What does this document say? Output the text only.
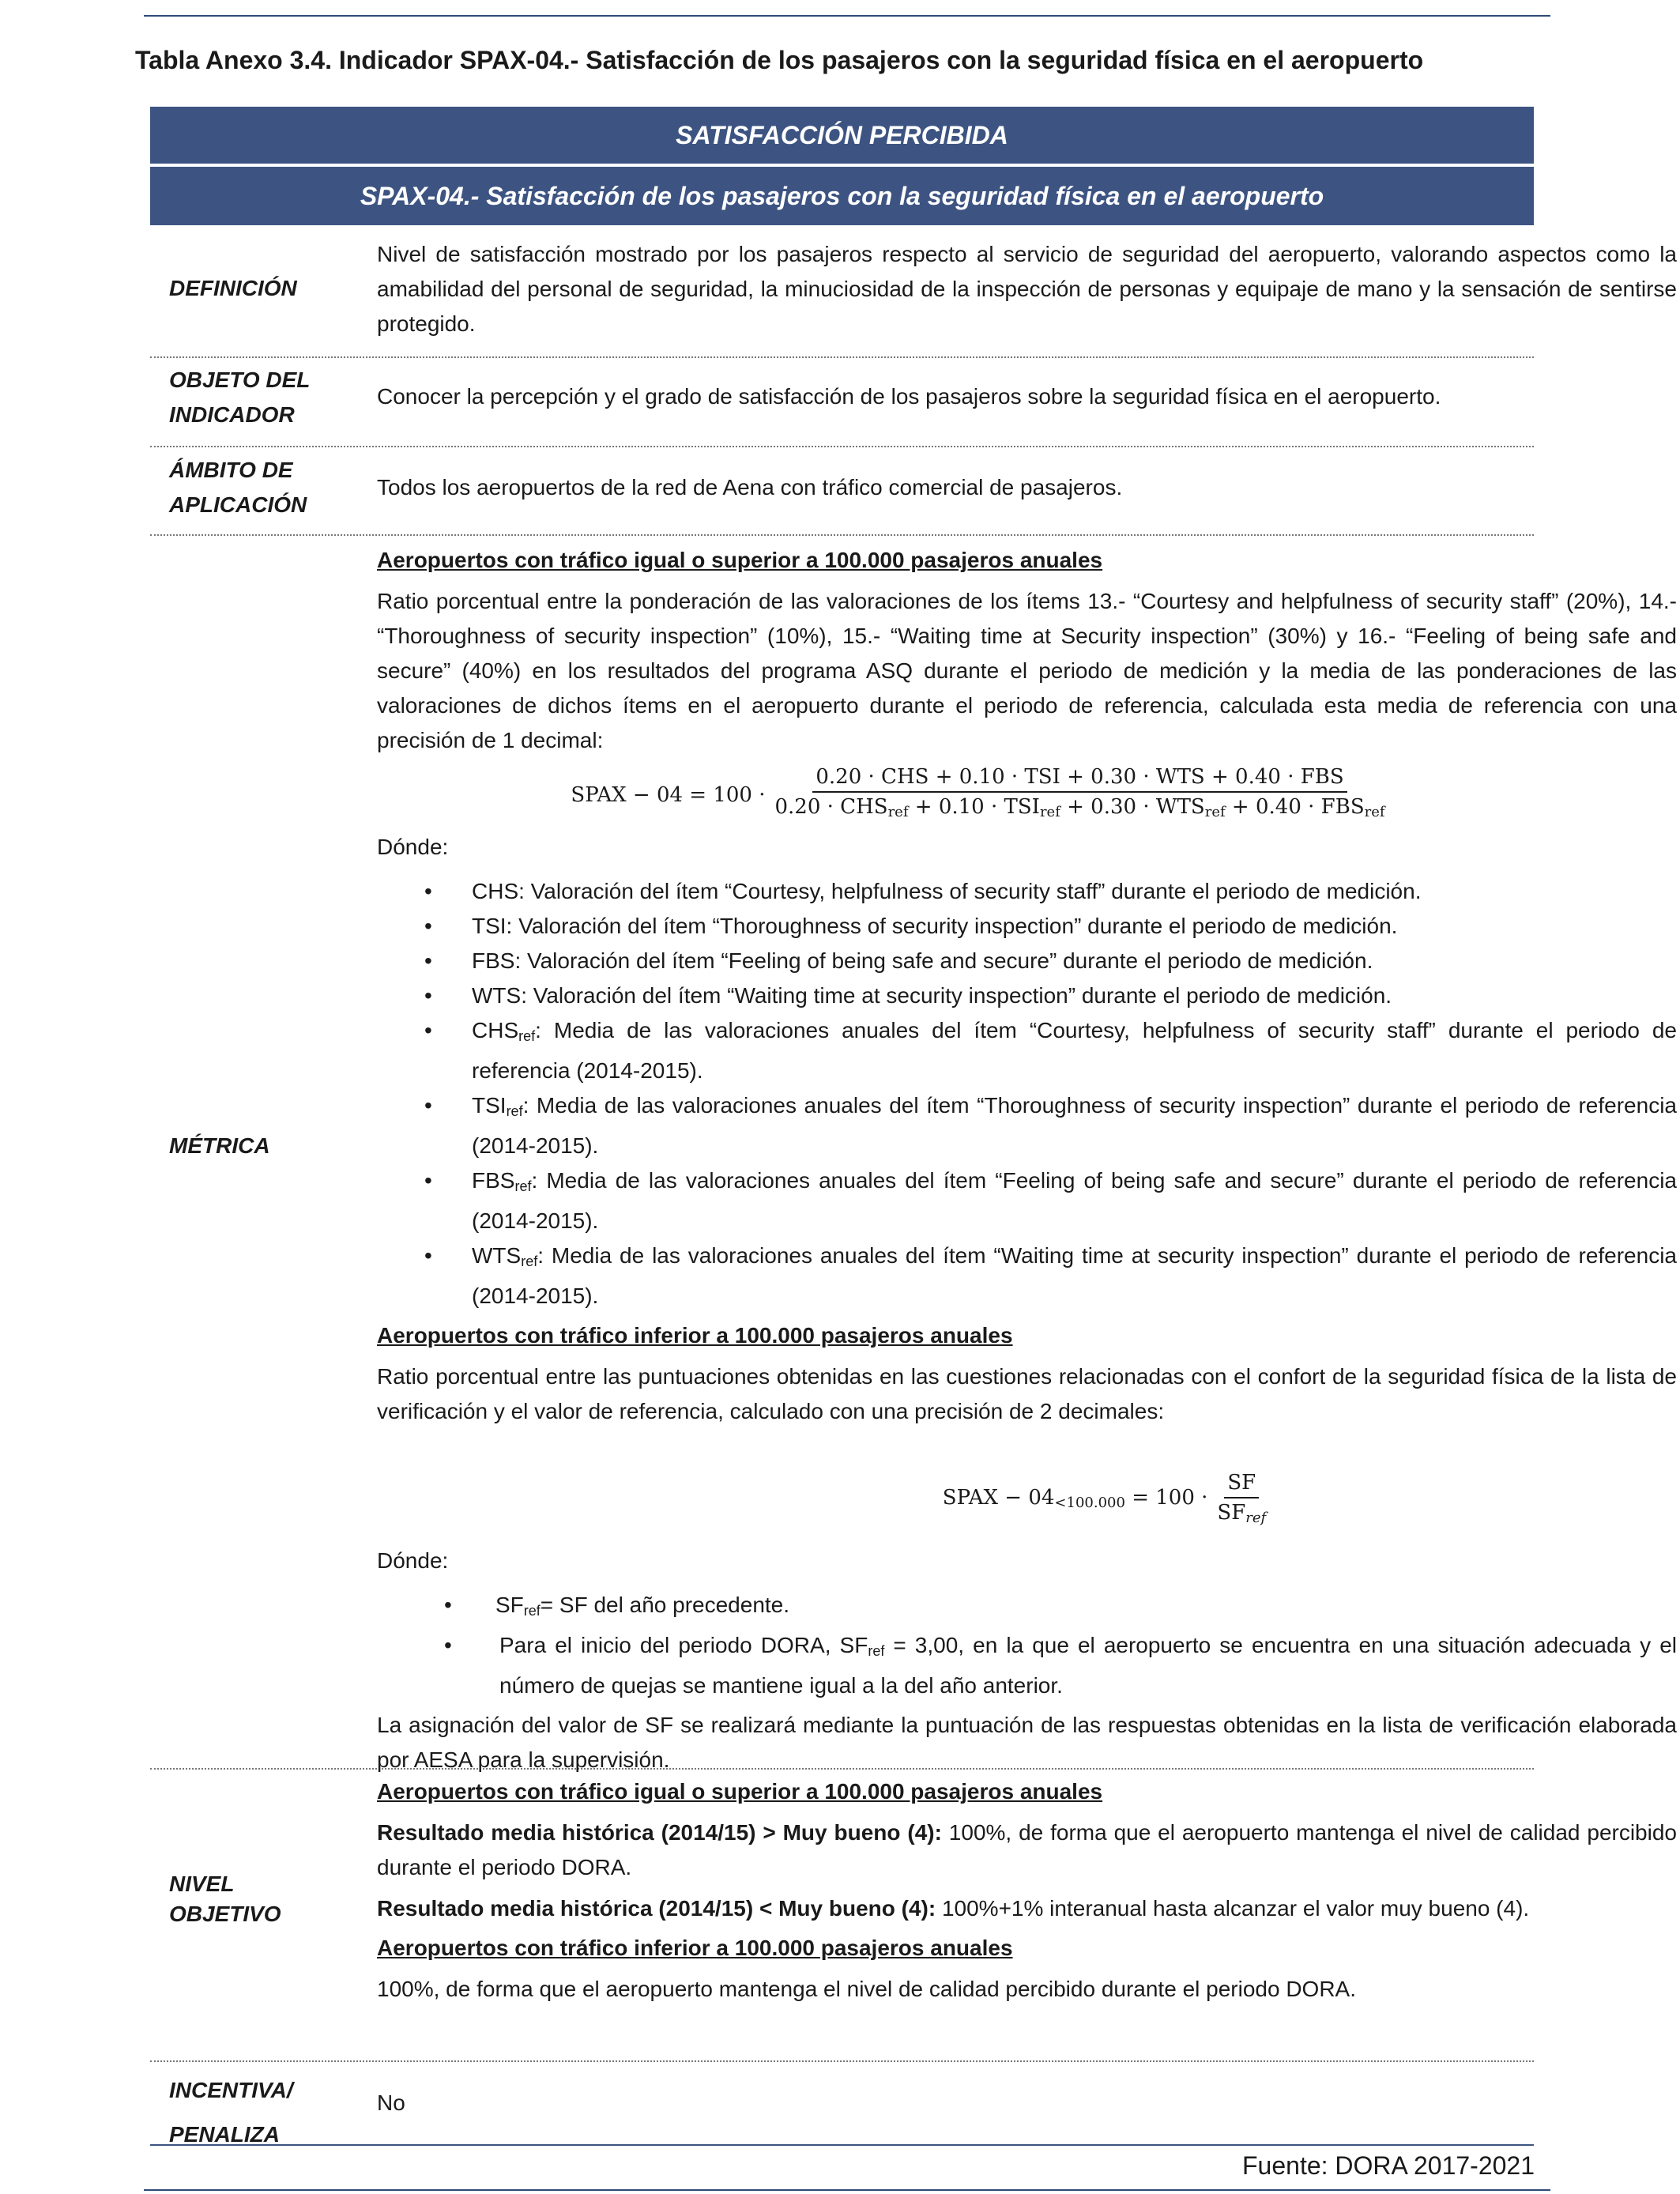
Tabla Anexo 3.4. Indicador SPAX-04.- Satisfacción de los pasajeros con la seguridad física en el aeropuerto
SATISFACCIÓN PERCIBIDA
SPAX-04.- Satisfacción de los pasajeros con la seguridad física en el aeropuerto
DEFINICIÓN
Nivel de satisfacción mostrado por los pasajeros respecto al servicio de seguridad del aeropuerto, valorando aspectos como la amabilidad del personal de seguridad, la minuciosidad de la inspección de personas y equipaje de mano y la sensación de sentirse protegido.
OBJETO DEL
INDICADOR
Conocer la percepción y el grado de satisfacción de los pasajeros sobre la seguridad física en el aeropuerto.
ÁMBITO DE
APLICACIÓN
Todos los aeropuertos de la red de Aena con tráfico comercial de pasajeros.
MÉTRICA

Aeropuertos con tráfico igual o superior a 100.000 pasajeros anuales

Ratio porcentual entre la ponderación de las valoraciones de los ítems 13.- “Courtesy and helpfulness of security staff” (20%), 14.- “Thoroughness of security inspection” (10%), 15.- “Waiting time at Security inspection” (30%) y 16.- “Feeling of being safe and secure” (40%) en los resultados del programa ASQ durante el periodo de medición y la media de las ponderaciones de las valoraciones de dichos ítems en el aeropuerto durante el periodo de referencia, calculada esta media de referencia con una precisión de 1 decimal:

SPAX − 04 = 100 ·
0.20 · CHS + 0.10 · TSI + 0.30 · WTS + 0.40 · FBS
$0.20 \cdot CHS_{ref} + 0.10 \cdot TSI_{ref} + 0.30 \cdot WTS_{ref} + 0.40 \cdot FBS_{ref}$

Dónde:

• CHS: Valoración del ítem “Courtesy, helpfulness of security staff” durante el periodo de medición.
• TSI: Valoración del ítem “Thoroughness of security inspection” durante el periodo de medición.
• FBS: Valoración del ítem “Feeling of being safe and secure” durante el periodo de medición.
• WTS: Valoración del ítem “Waiting time at security inspection” durante el periodo de medición.
• $CHS_{ref}$: Media de las valoraciones anuales del ítem “Courtesy, helpfulness of security staff” durante el periodo de referencia (2014-2015).
• $TSI_{ref}$: Media de las valoraciones anuales del ítem “Thoroughness of security inspection” durante el periodo de referencia (2014-2015).
• $FBS_{ref}$: Media de las valoraciones anuales del ítem “Feeling of being safe and secure” durante el periodo de referencia (2014-2015).
• $WTS_{ref}$: Media de las valoraciones anuales del ítem “Waiting time at security inspection” durante el periodo de referencia (2014-2015).

Aeropuertos con tráfico inferior a 100.000 pasajeros anuales

Ratio porcentual entre las puntuaciones obtenidas en las cuestiones relacionadas con el confort de la seguridad física de la lista de verificación y el valor de referencia, calculado con una precisión de 2 decimales:

SPAX − $04_{<100.000} = 100 \cdot \frac{SF}{SF_{ref}}$

Dónde:

• $SF_{ref}=$ SF del año precedente.
• Para el inicio del periodo DORA, $SF_{ref} = 3,00$, en la que el aeropuerto se encuentra en una situación adecuada y el número de quejas se mantiene igual a la del año anterior.

La asignación del valor de SF se realizará mediante la puntuación de las respuestas obtenidas en la lista de verificación elaborada por AESA para la supervisión.

NIVEL
OBJETIVO

Aeropuertos con tráfico igual o superior a 100.000 pasajeros anuales

Resultado media histórica (2014/15) > Muy bueno (4): 100%, de forma que el aeropuerto mantenga el nivel de calidad percibido durante el periodo DORA.

Resultado media histórica (2014/15) < Muy bueno (4): 100%+1% interanual hasta alcanzar el valor muy bueno (4).

Aeropuertos con tráfico inferior a 100.000 pasajeros anuales

100%, de forma que el aeropuerto mantenga el nivel de calidad percibido durante el periodo DORA.

INCENTIVA/
PENALIZA
No
Fuente: DORA 2017-2021
